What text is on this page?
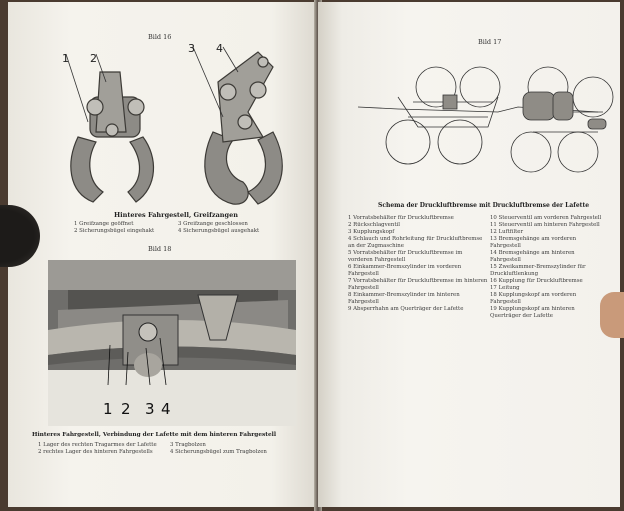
Bild 16
1 2
3 4
Hinteres Fahrgestell, Greifzangen
1 Greifzange geöffnet
2 Sicherungsbügel eingehakt
3 Greifzange geschlossen
4 Sicherungsbügel ausgehakt
Bild 18
1 2 3 4
Hinteres Fahrgestell, Verbindung der Lafette mit dem hinteren Fahrgestell
1 Lager des rechten Tragarmes der Lafette
2 rechtes Lager des hinteren Fahrgestells
3 Tragbolzen
4 Sicherungsbügel zum Tragbolzen
Bild 17
Schema der Druckluftbremse mit Druckluftbremse der Lafette
1 Vorratsbehälter für Druckluftbremse
2 Rückschlagventil
3 Kupplungskopf
4 Schlauch und Rohrleitung für Druckluftbremse an der Zugmaschine
5 Vorratsbehälter für Druckluftbremse im vorderen Fahrgestell
6 Einkammer-Bremszylinder im vorderen Fahrgestell
7 Vorratsbehälter für Druckluftbremse im hinteren Fahrgestell
8 Einkammer-Bremszylinder im hinteren Fahrgestell
9 Absperrhahn am Querträger der Lafette
10 Steuerventil am vorderen Fahrgestell
11 Steuerventil am hinteren Fahrgestell
12 Luftfilter
13 Bremsgehänge am vorderen Fahrgestell
14 Bremsgehänge am hinteren Fahrgestell
15 Zweikammer-Bremszylinder für Druckluftlenkung
16 Kupplung für Druckluftbremse
17 Leitung
18 Kupplungskopf am vorderen Fahrgestell
19 Kupplungskopf am hinteren Querträger der Lafette
